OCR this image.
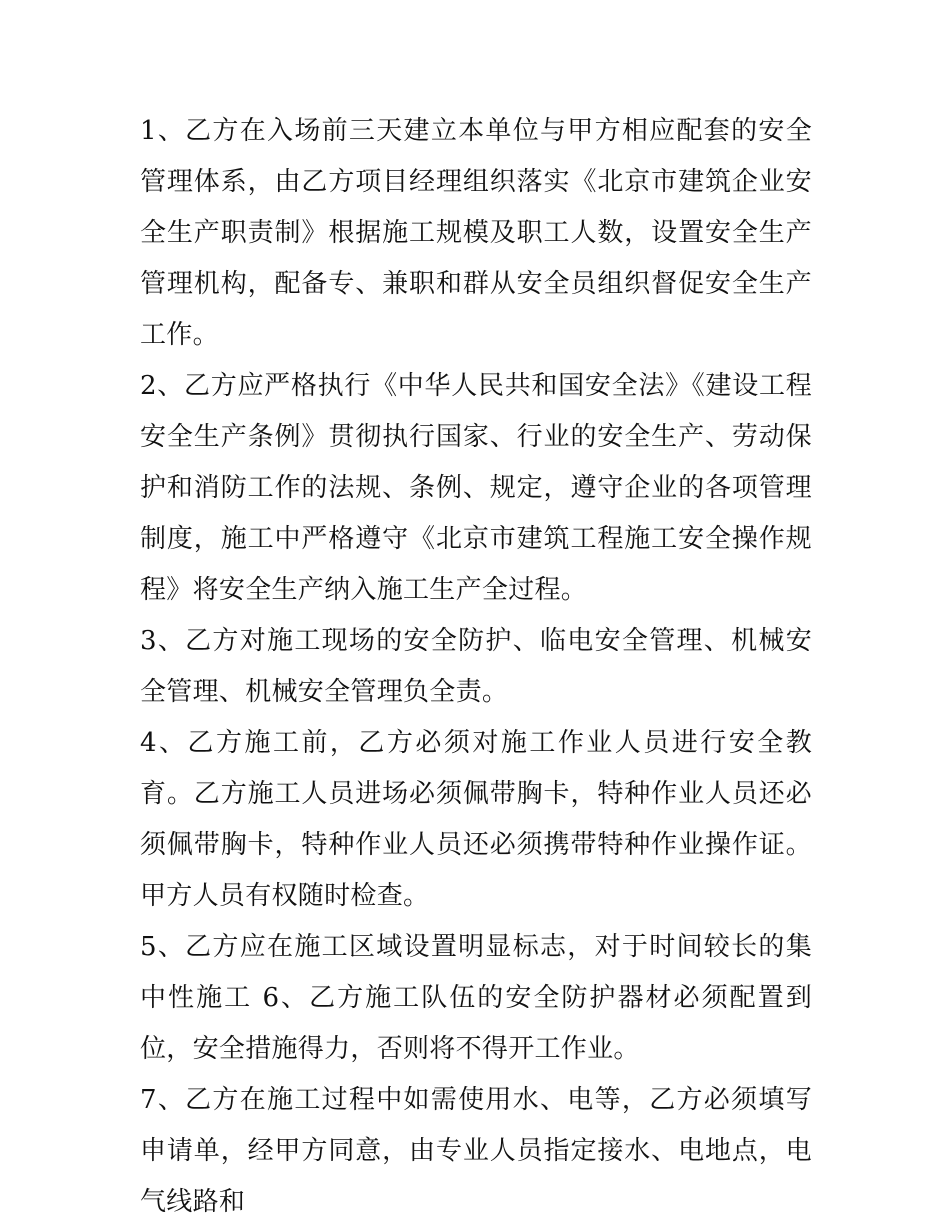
1、乙方在入场前三天建立本单位与甲方相应配套的安全管理体系，由乙方项目经理组织落实《北京市建筑企业安全生产职责制》根据施工规模及职工人数，设置安全生产管理机构，配备专、兼职和群从安全员组织督促安全生产工作。

2、乙方应严格执行《中华人民共和国安全法》《建设工程安全生产条例》贯彻执行国家、行业的安全生产、劳动保护和消防工作的法规、条例、规定，遵守企业的各项管理制度，施工中严格遵守《北京市建筑工程施工安全操作规程》将安全生产纳入施工生产全过程。

3、乙方对施工现场的安全防护、临电安全管理、机械安全管理、机械安全管理负全责。

4、乙方施工前，乙方必须对施工作业人员进行安全教育。乙方施工人员进场必须佩带胸卡，特种作业人员还必须佩带胸卡，特种作业人员还必须携带特种作业操作证。甲方人员有权随时检查。

5、乙方应在施工区域设置明显标志，对于时间较长的集中性施工 6、乙方施工队伍的安全防护器材必须配置到位，安全措施得力，否则将不得开工作业。

7、乙方在施工过程中如需使用水、电等，乙方必须填写申请单，经甲方同意，由专业人员指定接水、电地点，电气线路和
